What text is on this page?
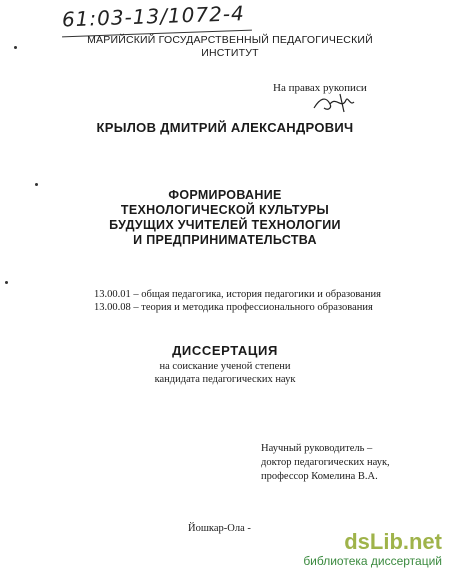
61:03-13/1072-4
МАРИЙСКИЙ ГОСУДАРСТВЕННЫЙ ПЕДАГОГИЧЕСКИЙ
ИНСТИТУТ
На правах рукописи
КРЫЛОВ ДМИТРИЙ АЛЕКСАНДРОВИЧ
ФОРМИРОВАНИЕ
ТЕХНОЛОГИЧЕСКОЙ КУЛЬТУРЫ
БУДУЩИХ УЧИТЕЛЕЙ ТЕХНОЛОГИИ
И ПРЕДПРИНИМАТЕЛЬСТВА
13.00.01 – общая педагогика, история педагогики и образования
13.00.08 – теория и методика профессионального образования
ДИССЕРТАЦИЯ
на соискание ученой степени
кандидата педагогических наук
Научный руководитель –
доктор педагогических наук,
профессор Комелина В.А.
Йошкар-Ола -
dsLib.net
библиотека диссертаций
